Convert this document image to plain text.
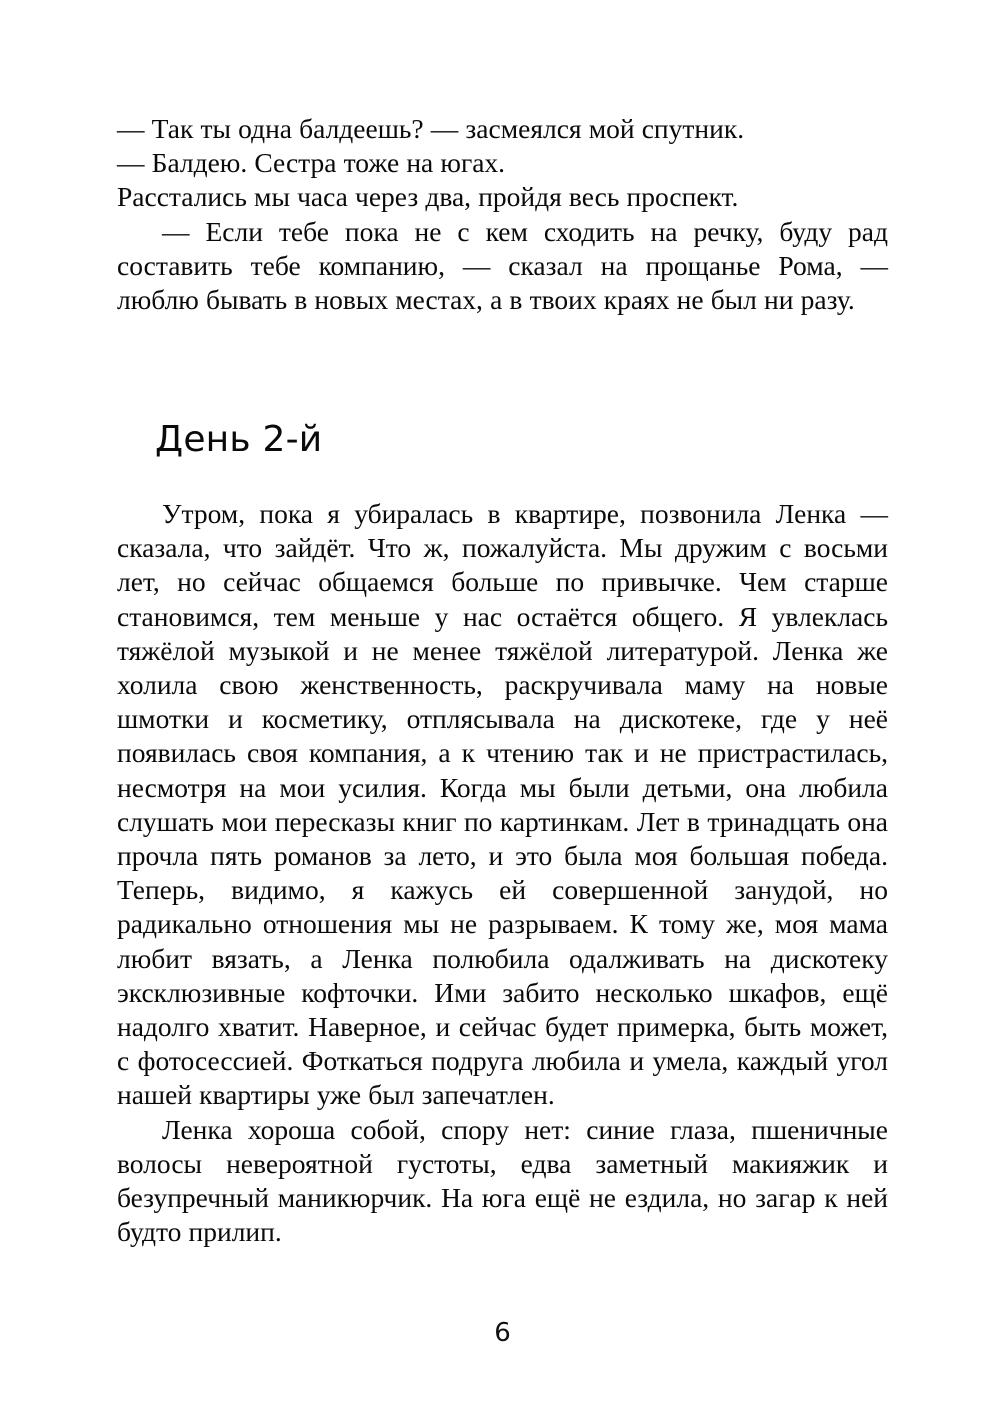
— Так ты одна балдеешь? — засмеялся мой спутник.

— Балдею. Сестра тоже на югах.

Расстались мы часа через два, пройдя весь проспект.

— Если тебе пока не с кем сходить на речку, буду рад составить тебе компанию, — сказал на прощанье Рома, — люблю бывать в новых местах, а в твоих краях не был ни разу.

День 2-й

Утром, пока я убиралась в квартире, позвонила Ленка — сказала, что зайдёт. Что ж, пожалуйста. Мы дружим с восьми лет, но сейчас общаемся больше по привычке. Чем старше становимся, тем меньше у нас остаётся общего. Я увлеклась тяжёлой музыкой и не менее тяжёлой литературой. Ленка же холила свою женственность, раскручивала маму на новые шмотки и косметику, отплясывала на дискотеке, где у неё появилась своя компания, а к чтению так и не пристрастилась, несмотря на мои усилия. Когда мы были детьми, она любила слушать мои пересказы книг по картинкам. Лет в тринадцать она прочла пять романов за лето, и это была моя большая победа. Теперь, видимо, я кажусь ей совершенной занудой, но радикально отношения мы не разрываем. К тому же, моя мама любит вязать, а Ленка полюбила одалживать на дискотеку эксклюзивные кофточки. Ими забито несколько шкафов, ещё надолго хватит. Наверное, и сейчас будет примерка, быть может, с фотосессией. Фоткаться подруга любила и умела, каждый угол нашей квартиры уже был запечатлен.

Ленка хороша собой, спору нет: синие глаза, пшеничные волосы невероятной густоты, едва заметный макияжик и безупречный маникюрчик. На юга ещё не ездила, но загар к ней будто прилип.

6
